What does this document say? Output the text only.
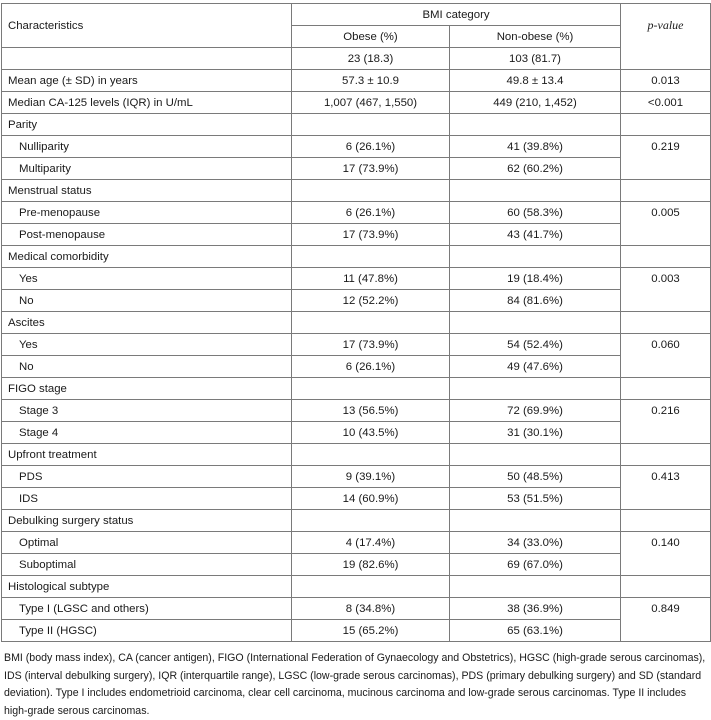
Characteristics	BMI category		p-value
	Obese (%)	Non-obese (%)	
	23 (18.3)	103 (81.7)	
Mean age (± SD) in years	57.3 ± 10.9	49.8 ± 13.4	0.013
Median CA-125 levels (IQR) in U/mL	1,007 (467, 1,550)	449 (210, 1,452)	<0.001
Parity			
Nulliparity	6 (26.1%)	41 (39.8%)	0.219
Multiparity	17 (73.9%)	62 (60.2%)	
Menstrual status			
Pre-menopause	6 (26.1%)	60 (58.3%)	0.005
Post-menopause	17 (73.9%)	43 (41.7%)	
Medical comorbidity			
Yes	11 (47.8%)	19 (18.4%)	0.003
No	12 (52.2%)	84 (81.6%)	
Ascites			
Yes	17 (73.9%)	54 (52.4%)	0.060
No	6 (26.1%)	49 (47.6%)	
FIGO stage			
Stage 3	13 (56.5%)	72 (69.9%)	0.216
Stage 4	10 (43.5%)	31 (30.1%)	
Upfront treatment			
PDS	9 (39.1%)	50 (48.5%)	0.413
IDS	14 (60.9%)	53 (51.5%)	
Debulking surgery status			
Optimal	4 (17.4%)	34 (33.0%)	0.140
Suboptimal	19 (82.6%)	69 (67.0%)	
Histological subtype			
Type I (LGSC and others)	8 (34.8%)	38 (36.9%)	0.849
Type II (HGSC)	15 (65.2%)	65 (63.1%)	

BMI (body mass index), CA (cancer antigen), FIGO (International Federation of Gynaecology and Obstetrics), HGSC (high-grade serous carcinomas), IDS (interval debulking surgery), IQR (interquartile range), LGSC (low-grade serous carcinomas), PDS (primary debulking surgery) and SD (standard deviation). Type I includes endometrioid carcinoma, clear cell carcinoma, mucinous carcinoma and low-grade serous carcinomas. Type II includes high-grade serous carcinomas.
